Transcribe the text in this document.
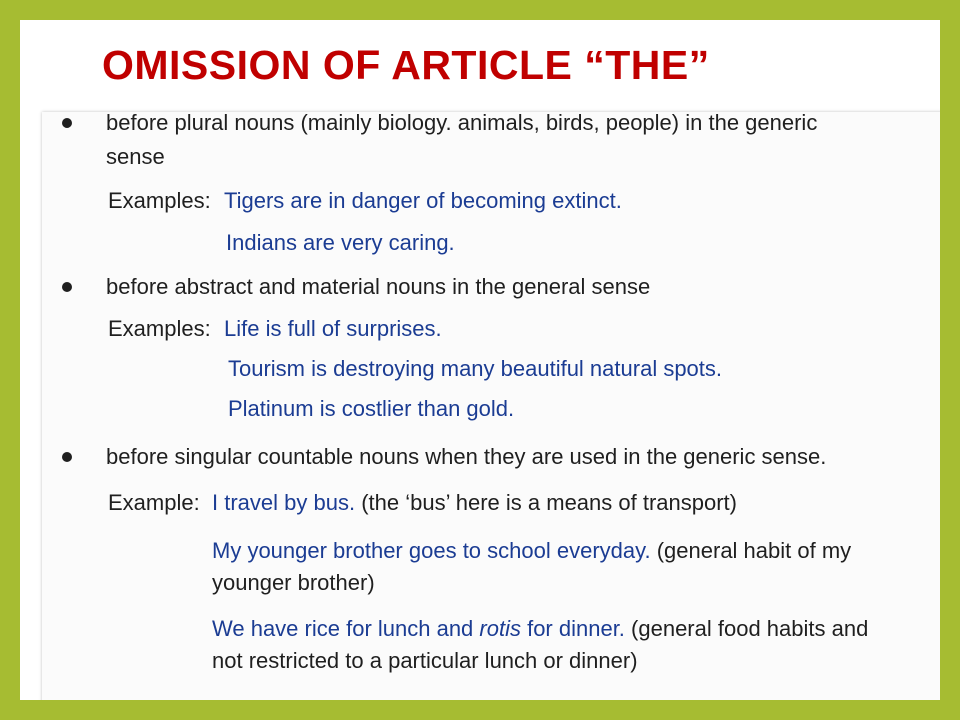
OMISSION OF ARTICLE “THE”
before plural nouns (mainly biology. animals, birds, people) in the generic
sense
Examples: Tigers are in danger of becoming extinct.
Indians are very caring.
before abstract and material nouns in the general sense
Examples: Life is full of surprises.
Tourism is destroying many beautiful natural spots.
Platinum is costlier than gold.
before singular countable nouns when they are used in the generic sense.
Example: I travel by bus. (the ‘bus’ here is a means of transport)
My younger brother goes to school everyday. (general habit of my
younger brother)
We have rice for lunch and rotis for dinner. (general food habits and
not restricted to a particular lunch or dinner)
